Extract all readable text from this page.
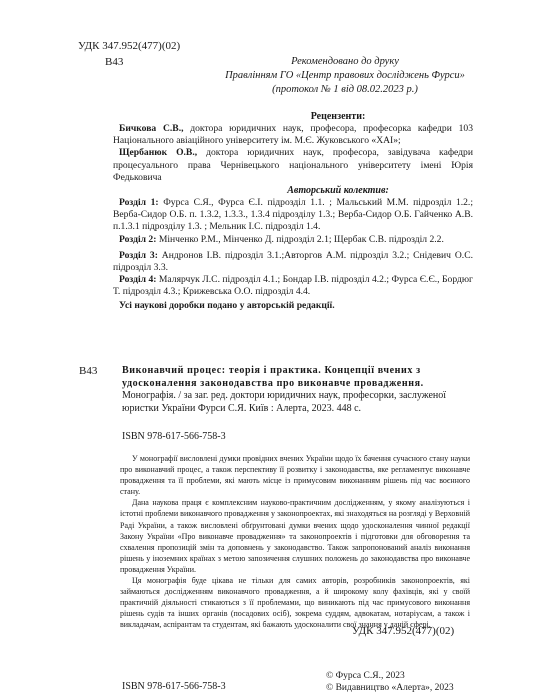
УДК 347.952(477)(02)
В43	Рекомендовано до друку
Правлінням ГО «Центр правових досліджень Фурси»
(протокол № 1 від 08.02.2023 р.)
Рецензенти:
Бичкова С.В., доктора юридичних наук, професора, професорка кафедри 103 Національного авіаційного університету ім. М.Є. Жуковського «ХАІ»;
Щербанюк О.В., доктора юридичних наук, професора, завідувача кафедри процесуального права Чернівецького національного університету імені Юрія Федьковича
Авторський колектив:
Розділ 1: Фурса С.Я., Фурса Є.І. підрозділ 1.1. ; Мальський М.М. підрозділ 1.2.; Верба-Сидор О.Б. п. 1.3.2, 1.3.3., 1.3.4 підрозділу 1.3.; Верба-Сидор О.Б. Гайченко А.В. п.1.3.1 підрозділу 1.3. ; Мельник І.С. підрозділ 1.4.
Розділ 2: Мінченко Р.М., Мінченко Д. підрозділ 2.1; Щербак С.В. підрозділ 2.2.
Розділ 3: Андронов І.В. підрозділ 3.1.;Авторгов А.М. підрозділ 3.2.; Снідевич О.С. підрозділ 3.3.
Розділ 4: Малярчук Л.С. підрозділ 4.1.; Бондар І.В. підрозділ 4.2.; Фурса Є.Є., Бордюг Т. підрозділ 4.3.; Крижевська О.О. підрозділ 4.4.
Усі наукові доробки подано у авторській редакції.
В43 Виконавчий процес: теорія і практика. Концепції вчених з удосконалення законодавства про виконавче провадження. Монографія. / за заг. ред. доктори юридичних наук, професорки, заслуженої юристки України Фурси С.Я. Київ : Алерта, 2023. 448 с.
ISBN 978-617-566-758-3

У монографії висловлені думки провідних вчених України щодо їх бачення сучасного стану науки про виконавчий процес, а також перспективу її розвитку і законодавства, яке регламентує виконавче провадження та її проблеми, які мають місце із примусовим виконанням рішень під час воєнного стану.

Дана наукова праця є комплексним науково-практичним дослідженням, у якому аналізуються і істотні проблеми виконавчого провадження у законопроектах, які знаходяться на розгляді у Верховній Раді України, а також висловлені обґрунтовані думки вчених щодо удосконалення чинної редакції Закону України «Про виконавче провадження» та законопроектів і підготовки для обговорення та схвалення пропозицій змін та доповнень у законодавство. Також запропонований аналіз виконання рішень у іноземних країнах з метою запозичення слушних положень до законодавства про виконавче провадження України.

Ця монографія буде цікава не тільки для самих авторів, розробників законопроектів, які займаються дослідженням виконавчого провадження, а й широкому колу фахівців, які у своїй практичній діяльності стикаються з її проблемами, що виникають під час примусового виконання рішень судів та інших органів (посадових осіб), зокрема суддям, адвокатам, нотаріусам, а також і викладачам, аспірантам та студентам, які бажають удосконалити свої знання у даній сфері.

УДК 347.952(477)(02)
ISBN 978-617-566-758-3
© Фурса С.Я., 2023
© Видавництво «Алерта», 2023
